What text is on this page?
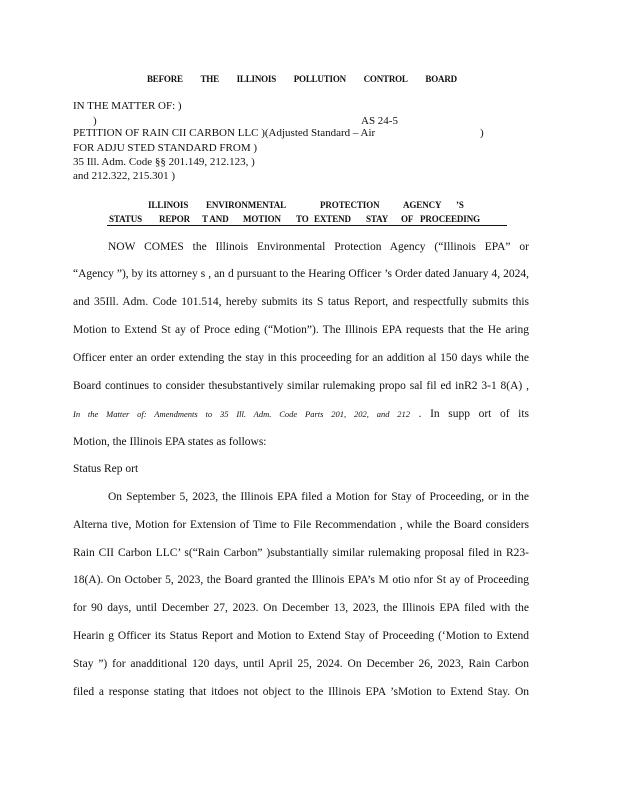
BEFORE THE ILLINOIS POLLUTION CONTROL BOARD
IN THE MATTER OF: )
)	AS 24-5
PETITION OF RAIN CII CARBON LLC )(Adjusted Standard – Air	)
FOR ADJU STED STANDARD FROM )
35 Ill. Adm. Code §§ 201.149, 212.123, )
and 212.322, 215.301 )
ILLINOIS ENVIRONMENTAL	PROTECTION	AGENCY ’S
STATUS REPOR T AND MOTION TO EXTEND STAY OF PROCEEDING
NOW COMES the Illinois Environmental Protection Agency (“Illinois EPA” or
“Agency ”), by its attorney s , an d pursuant to the Hearing Officer ’s Order dated January 4, 2024,
and 35Ill. Adm. Code 101.514, hereby submits its S tatus Report, and respectfully submits this
Motion to Extend St ay of Proce eding (“Motion”). The Illinois EPA requests that the He aring
Officer enter an order extending the stay in this proceeding for an addition al 150 days while the
Board continues to consider thesubstantively similar rulemaking propo sal fil ed inR2 3-1 8(A) ,
In the Matter of: Amendments to 35 Ill. Adm. Code Parts 201, 202, and 212 . In supp ort of its
Motion, the Illinois EPA states as follows:
Status Rep ort
On September 5, 2023, the Illinois EPA filed a Motion for Stay of Proceeding, or in the
Alterna tive, Motion for Extension of Time to File Recommendation , while the Board considers
Rain CII Carbon LLC’ s(“Rain Carbon” )substantially similar rulemaking proposal filed in R23-
18(A). On October 5, 2023, the Board granted the Illinois EPA’s M otio nfor St ay of Proceeding
for 90 days, until December 27, 2023. On December 13, 2023, the Illinois EPA filed with the
Hearin g Officer its Status Report and Motion to Extend Stay of Proceeding (‘Motion to Extend
Stay ”) for anadditional 120 days, until April 25, 2024. On December 26, 2023, Rain Carbon
filed a response stating that itdoes not object to the Illinois EPA ’sMotion to Extend Stay. On
